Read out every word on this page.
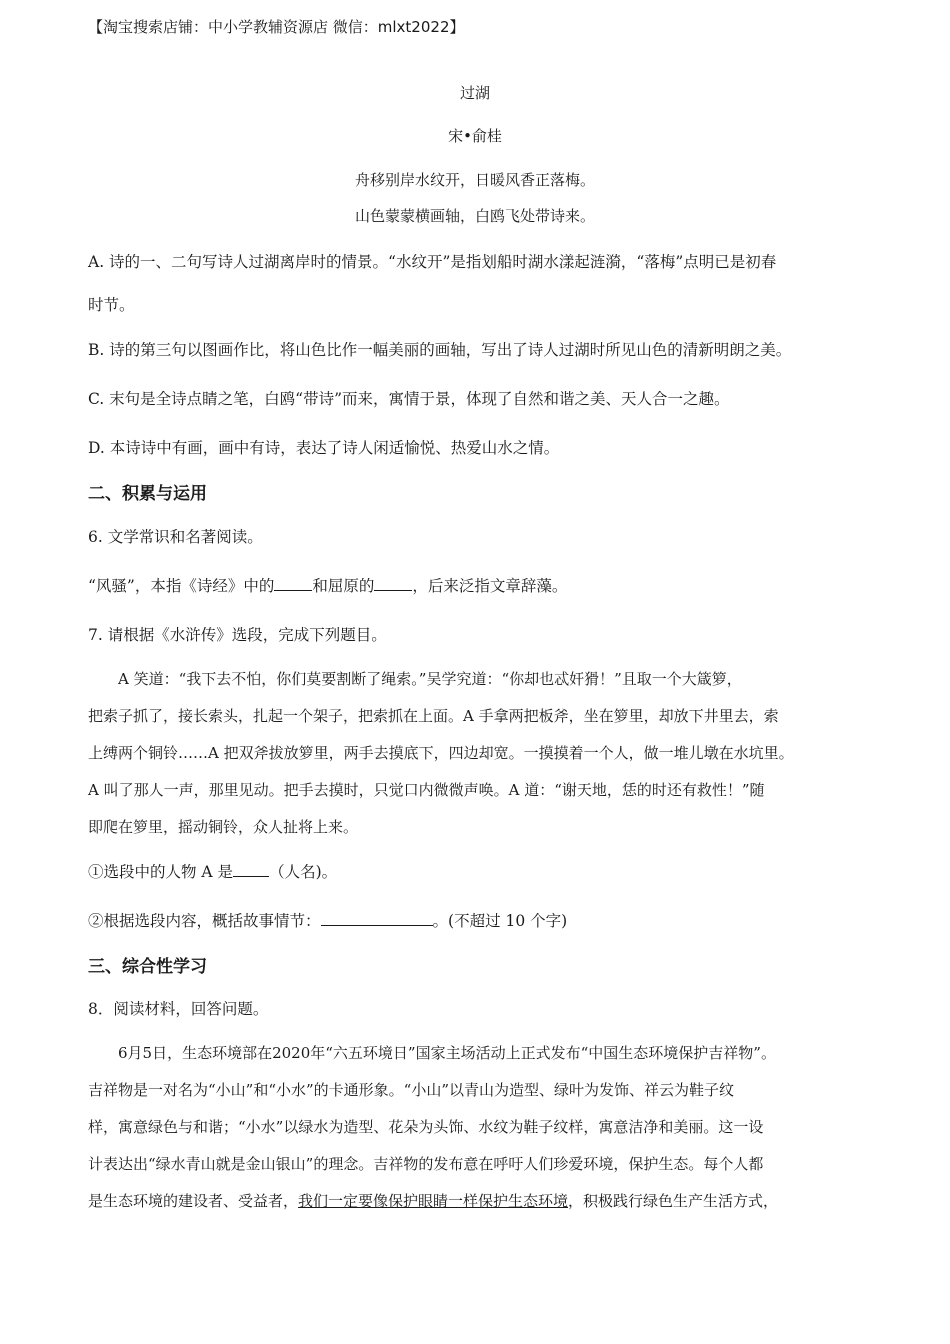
【淘宝搜索店铺：中小学教辅资源店 微信：mlxt2022】
过湖
宋•俞桂
舟移别岸水纹开，日暖风香正落梅。
山色蒙蒙横画轴，白鸥飞处带诗来。
A. 诗的一、二句写诗人过湖离岸时的情景。“水纹开”是指划船时湖水漾起涟漪，“落梅”点明已是初春
时节。
B. 诗的第三句以图画作比，将山色比作一幅美丽的画轴，写出了诗人过湖时所见山色的清新明朗之美。
C. 末句是全诗点睛之笔，白鸥“带诗”而来，寓情于景，体现了自然和谐之美、天人合一之趣。
D. 本诗诗中有画，画中有诗，表达了诗人闲适愉悦、热爱山水之情。
二、积累与运用
6. 文学常识和名著阅读。
“风骚”，本指《诗经》中的 和屈原的 ，后来泛指文章辞藻。
7. 请根据《水浒传》选段，完成下列题目。
A 笑道：“我下去不怕，你们莫要割断了绳索。”吴学究道：“你却也忒奸猾！”且取一个大箴箩，
把索子抓了，接长索头，扎起一个架子，把索抓在上面。A 手拿两把板斧，坐在箩里，却放下井里去，索
上缚两个铜铃……A 把双斧拔放箩里，两手去摸底下，四边却宽。一摸摸着一个人，做一堆儿墩在水坑里。
A 叫了那人一声，那里见动。把手去摸时，只觉口内微微声唤。A 道：“谢天地，恁的时还有救性！”随
即爬在箩里，摇动铜铃，众人扯将上来。
①选段中的人物 A 是 （人名)。
②根据选段内容，概括故事情节：	。(不超过 10 个字)
三、综合性学习
8．阅读材料，回答问题。
6月5日，生态环境部在2020年“六五环境日”国家主场活动上正式发布“中国生态环境保护吉祥物”。
吉祥物是一对名为“小山”和“小水”的卡通形象。“小山”以青山为造型、绿叶为发饰、祥云为鞋子纹
样，寓意绿色与和谐；“小水”以绿水为造型、花朵为头饰、水纹为鞋子纹样，寓意洁净和美丽。这一设
计表达出“绿水青山就是金山银山”的理念。吉祥物的发布意在呼吁人们珍爱环境，保护生态。每个人都
是生态环境的建设者、受益者，我们一定要像保护眼睛一样保护生态环境，积极践行绿色生产生活方式，
